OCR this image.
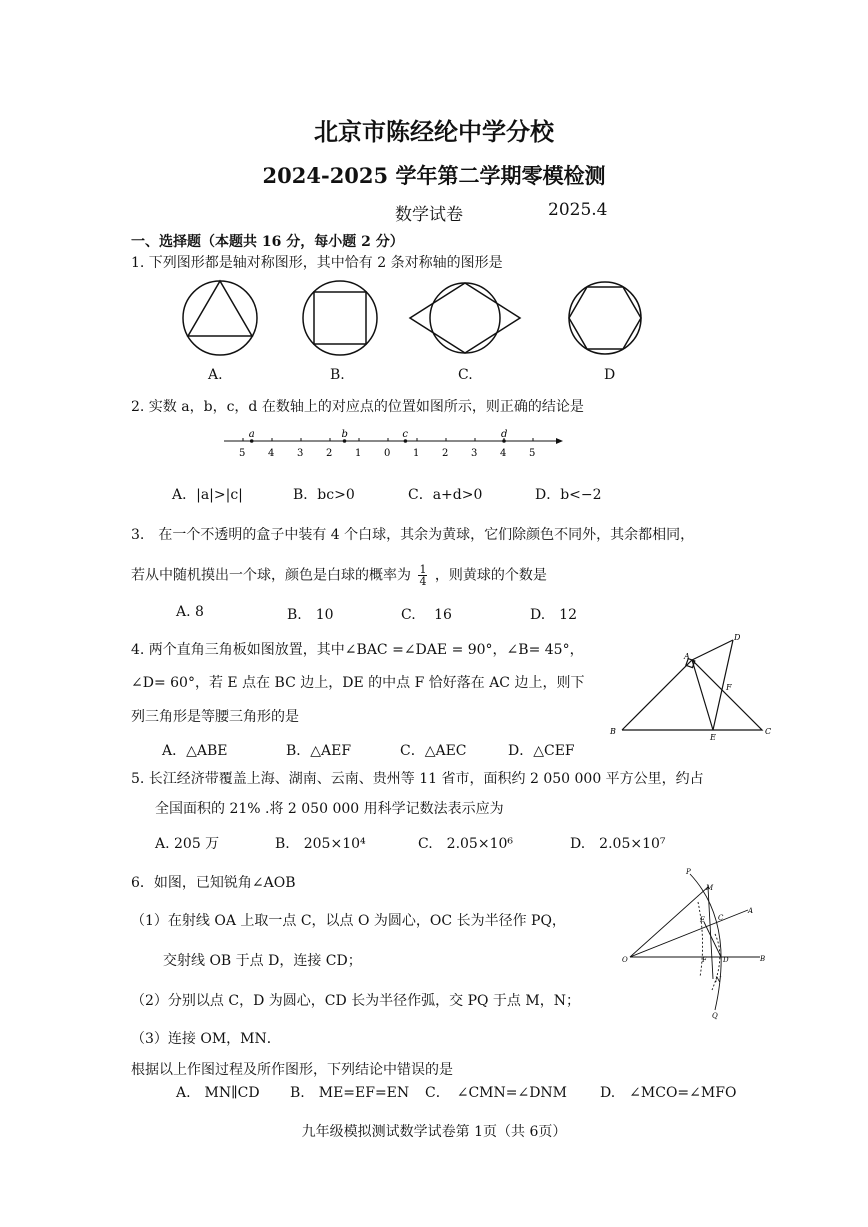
北京市陈经纶中学分校
2024-2025 学年第二学期零模检测
数学试卷	2025.4
一、选择题（本题共 16 分，每小题 2 分）
1. 下列图形都是轴对称图形，其中恰有 2 条对称轴的图形是
A.	B.	C.	D
2. 实数 a，b，c，d 在数轴上的对应点的位置如图所示，则正确的结论是
5 4 3 2 1 0 1 2 3 4 5
a	b	c	d
A．|a|>|c|	B．bc>0	C．a+d>0	D．b<−2
3.　在一个不透明的盒子中装有 4 个白球，其余为黄球，它们除颜色不同外，其余都相同，
若从中随机摸出一个球，颜色是白球的概率为 $\frac{1}{4}$ ，则黄球的个数是
A. 8	B.　10	C.　 16	D.　12
4. 两个直角三角板如图放置，其中∠BAC =∠DAE = 90°，∠B= 45°，
∠D= 60°，若 E 点在 BC 边上，DE 的中点 F 恰好落在 AC 边上，则下
列三角形是等腰三角形的是
A
B	C
D
E
F
A．△ABE	B．△AEF	C．△AEC	D．△CEF
5. 长江经济带覆盖上海、湖南、云南、贵州等 11 省市，面积约 2 050 000 平方公里，约占
全国面积的 21% .将 2 050 000 用科学记数法表示应为
A. 205 万	B.　205×10⁴	C.　2.05×10⁶	D.　2.05×10⁷
6．如图，已知锐角∠AOB
（1）在射线 OA 上取一点 C，以点 O 为圆心，OC 长为半径作 PQ，
交射线 OB 于点 D，连接 CD；
（2）分别以点 C，D 为圆心，CD 长为半径作弧，交 PQ 于点 M，N；
（3）连接 OM，MN．
根据以上作图过程及所作图形，下列结论中错误的是
A.　MN∥CD B.　ME=EF=EN C．　∠CMN=∠DNM D.　∠MCO=∠MFO
O
A
B
P
Q
M
N
C
D
E
F
九年级模拟测试数学试卷第 1页（共 6页）
